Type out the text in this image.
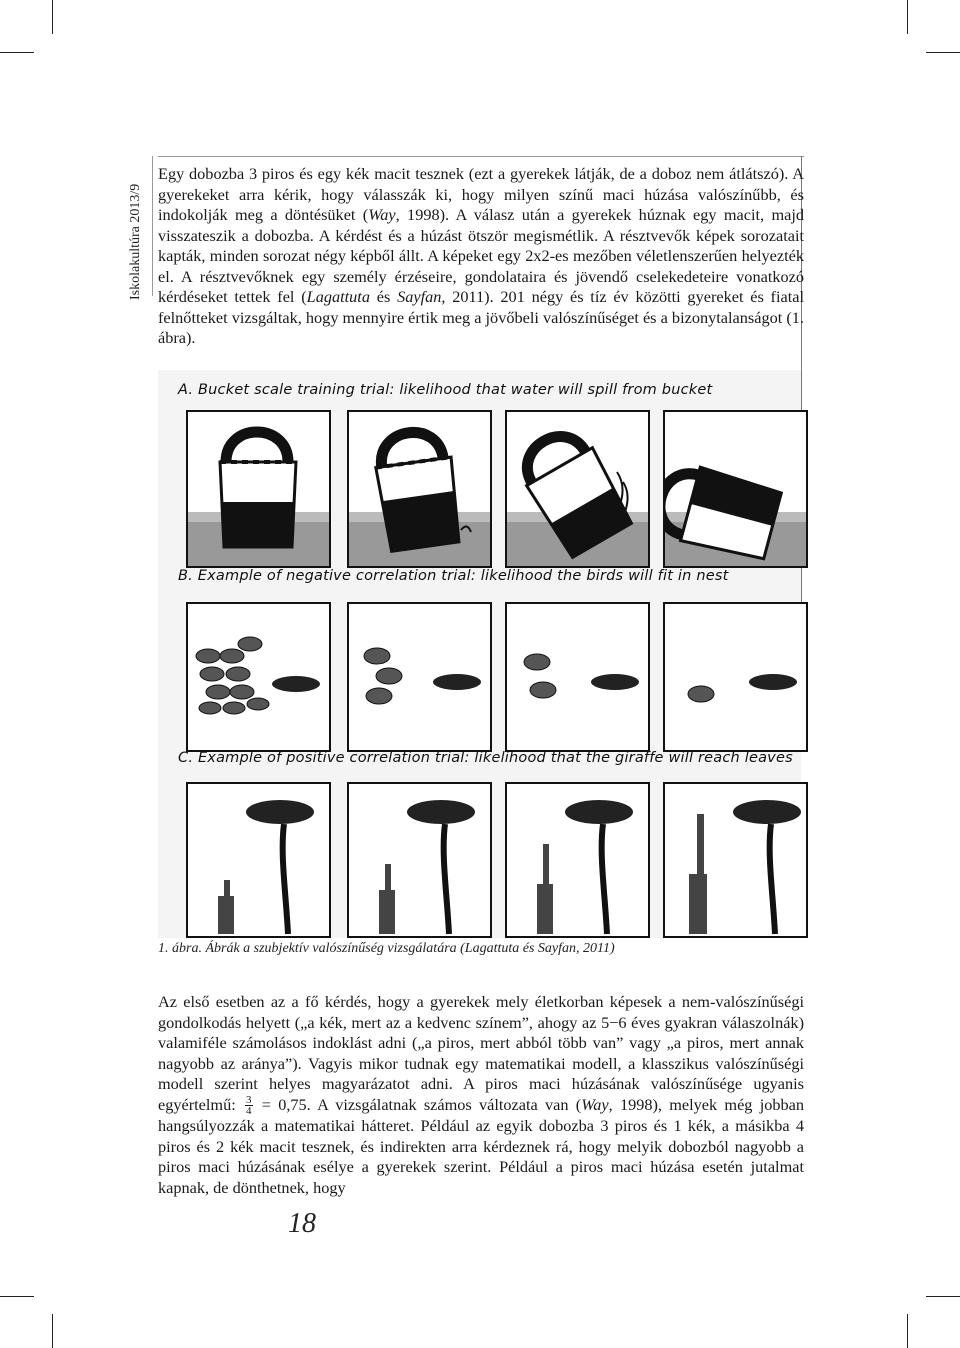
Iskolakultúra 2013/9

Egy dobozba 3 piros és egy kék macit tesznek (ezt a gyerekek látják, de a doboz nem átlátszó). A gyerekeket arra kérik, hogy válasszák ki, hogy milyen színű maci húzása valószínűbb, és indokolják meg a döntésüket (Way, 1998). A válasz után a gyerekek húznak egy macit, majd visszateszik a dobozba. A kérdést és a húzást ötször megismétlik. A résztvevők képek sorozatait kapták, minden sorozat négy képből állt. A képeket egy 2x2-es mezőben véletlenszerűen helyezték el. A résztvevőknek egy személy érzéseire, gondolataira és jövendő cselekedeteire vonatkozó kérdéseket tettek fel (Lagattuta és Sayfan, 2011). 201 négy és tíz év közötti gyereket és fiatal felnőtteket vizsgáltak, hogy mennyire értik meg a jövőbeli valószínűséget és a bizonytalanságot (1. ábra).

A. Bucket scale training trial: likelihood that water will spill from bucket
B. Example of negative correlation trial: likelihood the birds will fit in nest
C. Example of positive correlation trial: likelihood that the giraffe will reach leaves
1. ábra. Ábrák a szubjektív valószínűség vizsgálatára (Lagattuta és Sayfan, 2011)

Az első esetben az a fő kérdés, hogy a gyerekek mely életkorban képesek a nem-valószínűségi gondolkodás helyett („a kék, mert az a kedvenc színem”, ahogy az 5−6 éves gyakran válaszolnák) valamiféle számolásos indoklást adni („a piros, mert abból több van” vagy „a piros, mert annak nagyobb az aránya”). Vagyis mikor tudnak egy matematikai modell, a klasszikus valószínűségi modell szerint helyes magyarázatot adni. A piros maci húzásának valószínűsége ugyanis egyértelmű: $\frac{3}{4} = 0,75$. A vizsgálatnak számos változata van (Way, 1998), melyek még jobban hangsúlyozzák a matematikai hátteret. Például az egyik dobozba 3 piros és 1 kék, a másikba 4 piros és 2 kék macit tesznek, és indirekten arra kérdeznek rá, hogy melyik dobozból nagyobb a piros maci húzásának esélye a gyerekek szerint. Például a piros maci húzása esetén jutalmat kapnak, de dönthetnek, hogy

18
